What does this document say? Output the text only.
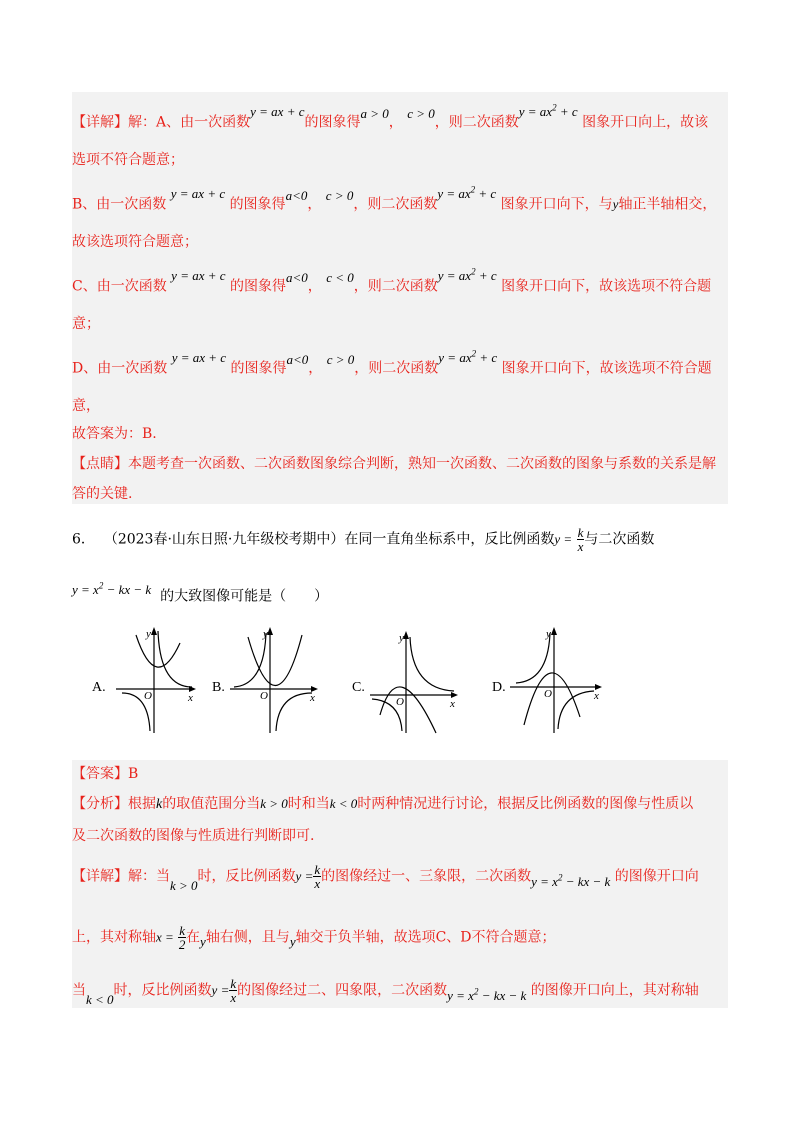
【详解】解：A、由一次函数y = ax + c的图象得a > 0， c > 0，则二次函数$y = ax^2 + c$ 图象开口向上，故该
选项不符合题意；
B、由一次函数 y = ax + c 的图象得a<0， c > 0，则二次函数$y = ax^2 + c$ 图象开口向下，与y轴正半轴相交，
故该选项符合题意；
C、由一次函数 y = ax + c 的图象得a<0， c < 0，则二次函数$y = ax^2 + c$ 图象开口向下，故该选项不符合题
意；
D、由一次函数 y = ax + c 的图象得a<0， c > 0，则二次函数$y = ax^2 + c$ 图象开口向下，故该选项不符合题
意，
故答案为：B.
【点睛】本题考查一次函数、二次函数图象综合判断，熟知一次函数、二次函数的图象与系数的关系是解
答的关键.
6． （2023春·山东日照·九年级校考期中）在同一直角坐标系中，反比例函数$y = \frac{k}{x}$ 与二次函数
$y = x^2$ − kx − k 的大致图像可能是（　　）
A.
y
x
O
B.
y
x
O
C.
y
x
O
D.
y
x
O
【答案】B
【分析】根据k的取值范围分当k > 0时和当k < 0时两种情况进行讨论，根据反比例函数的图像与性质以
及二次函数的图像与性质进行判断即可.
【详解】解：当k > 0时，反比例函数$y = \frac{k}{x}$ 的图像经过一、三象限，二次函数$y = x^2$ − kx − k 的图像开口向
上，其对称轴$x = \frac{k}{2}$ 在y轴右侧，且与y轴交于负半轴，故选项C、D不符合题意；
当k < 0时，反比例函数$y = \frac{k}{x}$ 的图像经过二、四象限，二次函数$y = x^2$ − kx − k 的图像开口向上，其对称轴
